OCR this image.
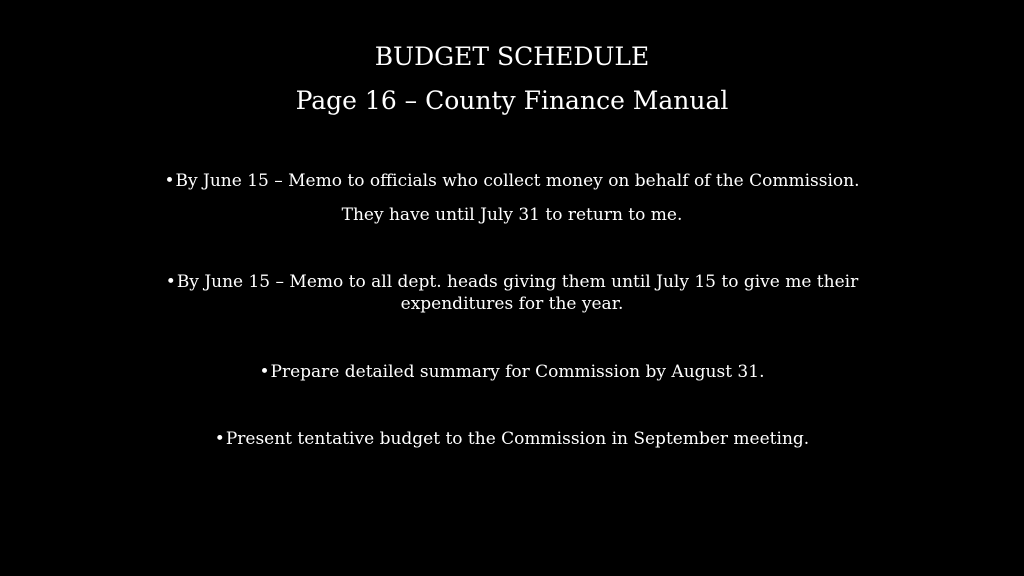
BUDGET SCHEDULE
Page 16 – County Finance Manual
•By June 15 – Memo to officials who collect money on behalf of the Commission.
They have until July 31 to return to me.
•By June 15 – Memo to all dept. heads giving them until July 15 to give me their expenditures for the year.
•Prepare detailed summary for Commission by August 31.
•Present tentative budget to the Commission in September meeting.
